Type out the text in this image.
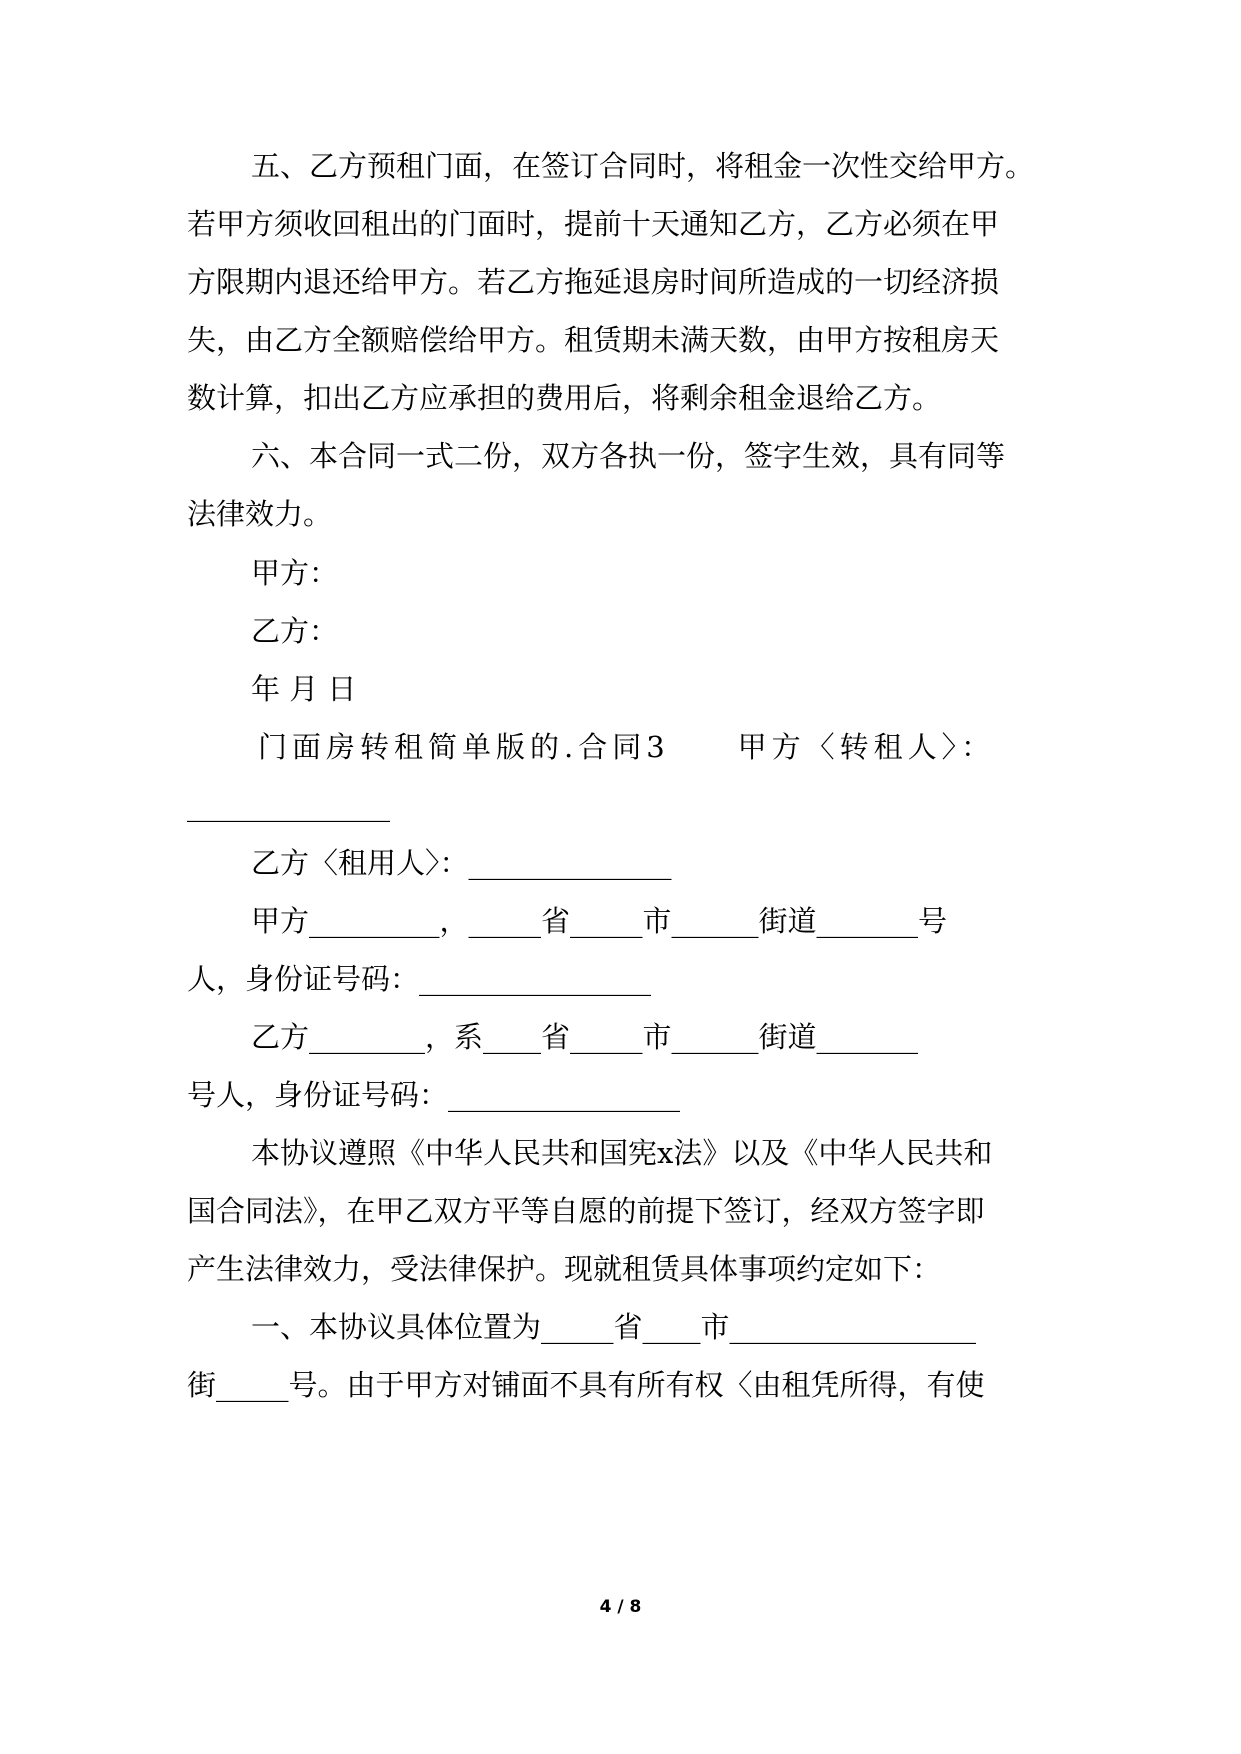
五、乙方预租门面，在签订合同时，将租金一次性交给甲方。

若甲方须收回租出的门面时，提前十天通知乙方，乙方必须在甲

方限期内退还给甲方。若乙方拖延退房时间所造成的一切经济损

失，由乙方全额赔偿给甲方。租赁期未满天数，由甲方按租房天

数计算，扣出乙方应承担的费用后，将剩余租金退给乙方。

六、本合同一式二份，双方各执一份，签字生效，具有同等

法律效力。

甲方：

乙方：

年 月 日

门面房转租简单版的.合同3　　甲方〈转租人〉：

______________

乙方〈租用人〉：______________

甲方_________，_____省_____市______街道_______号

人，身份证号码：________________

乙方________，系____省_____市______街道_______

号人，身份证号码：________________

本协议遵照《中华人民共和国宪x法》以及《中华人民共和

国合同法》，在甲乙双方平等自愿的前提下签订，经双方签字即

产生法律效力，受法律保护。现就租赁具体事项约定如下：

一、本协议具体位置为_____省____市_________________

街_____号。由于甲方对铺面不具有所有权〈由租凭所得，有使

4 / 8
